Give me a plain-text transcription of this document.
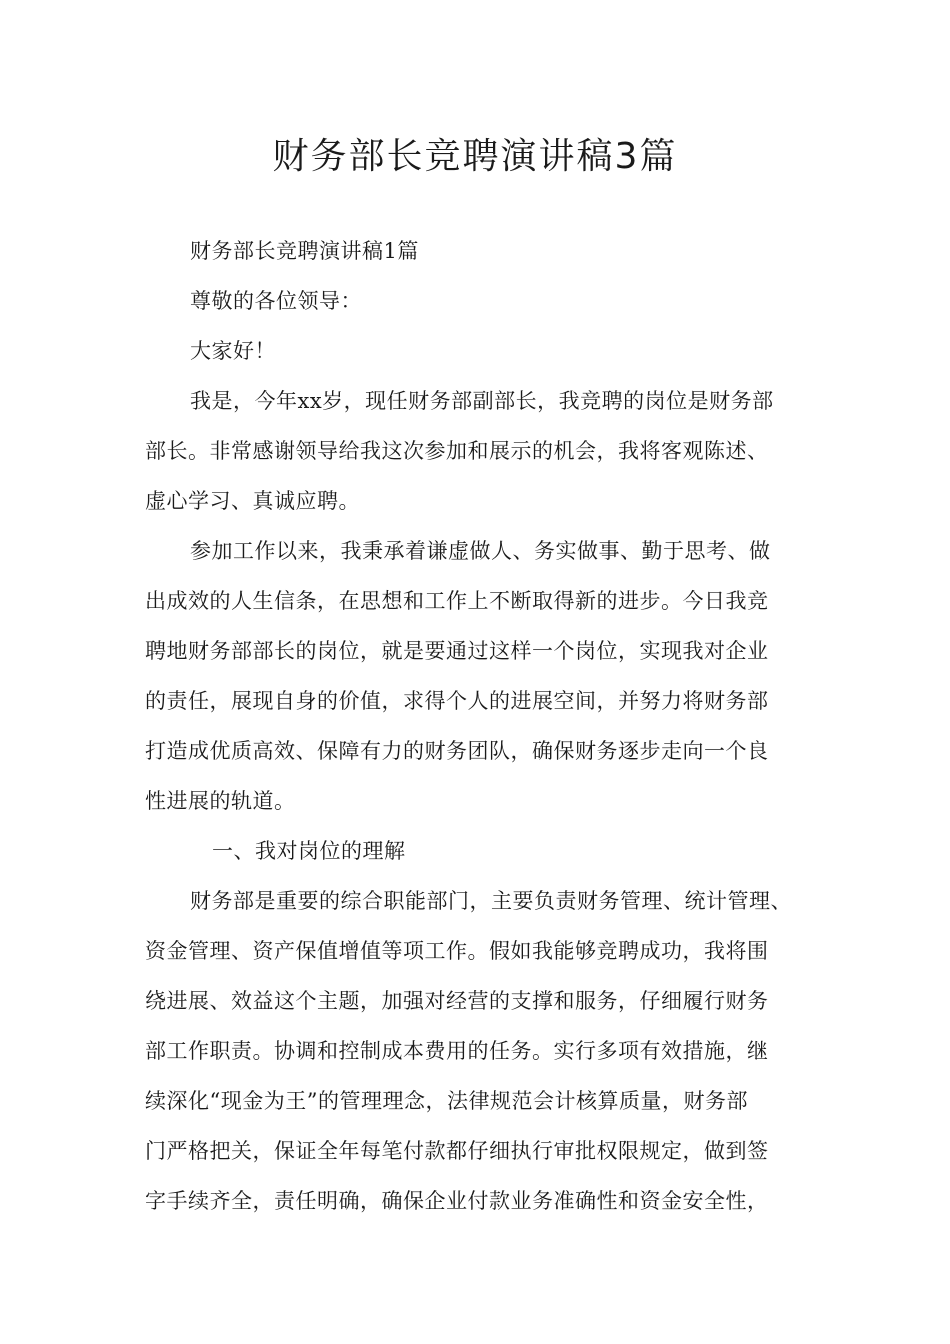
财务部长竞聘演讲稿3篇
财务部长竞聘演讲稿1篇
尊敬的各位领导：
大家好！
我是，今年xx岁，现任财务部副部长，我竞聘的岗位是财务部
部长。非常感谢领导给我这次参加和展示的机会，我将客观陈述、
虚心学习、真诚应聘。
参加工作以来，我秉承着谦虚做人、务实做事、勤于思考、做
出成效的人生信条，在思想和工作上不断取得新的进步。今日我竞
聘地财务部部长的岗位，就是要通过这样一个岗位，实现我对企业
的责任，展现自身的价值，求得个人的进展空间，并努力将财务部
打造成优质高效、保障有力的财务团队，确保财务逐步走向一个良
性进展的轨道。
一、我对岗位的理解
财务部是重要的综合职能部门，主要负责财务管理、统计管理、
资金管理、资产保值增值等项工作。假如我能够竞聘成功，我将围
绕进展、效益这个主题，加强对经营的支撑和服务，仔细履行财务
部工作职责。协调和控制成本费用的任务。实行多项有效措施，继
续深化“现金为王”的管理理念，法律规范会计核算质量，财务部
门严格把关，保证全年每笔付款都仔细执行审批权限规定，做到签
字手续齐全，责任明确，确保企业付款业务准确性和资金安全性，
